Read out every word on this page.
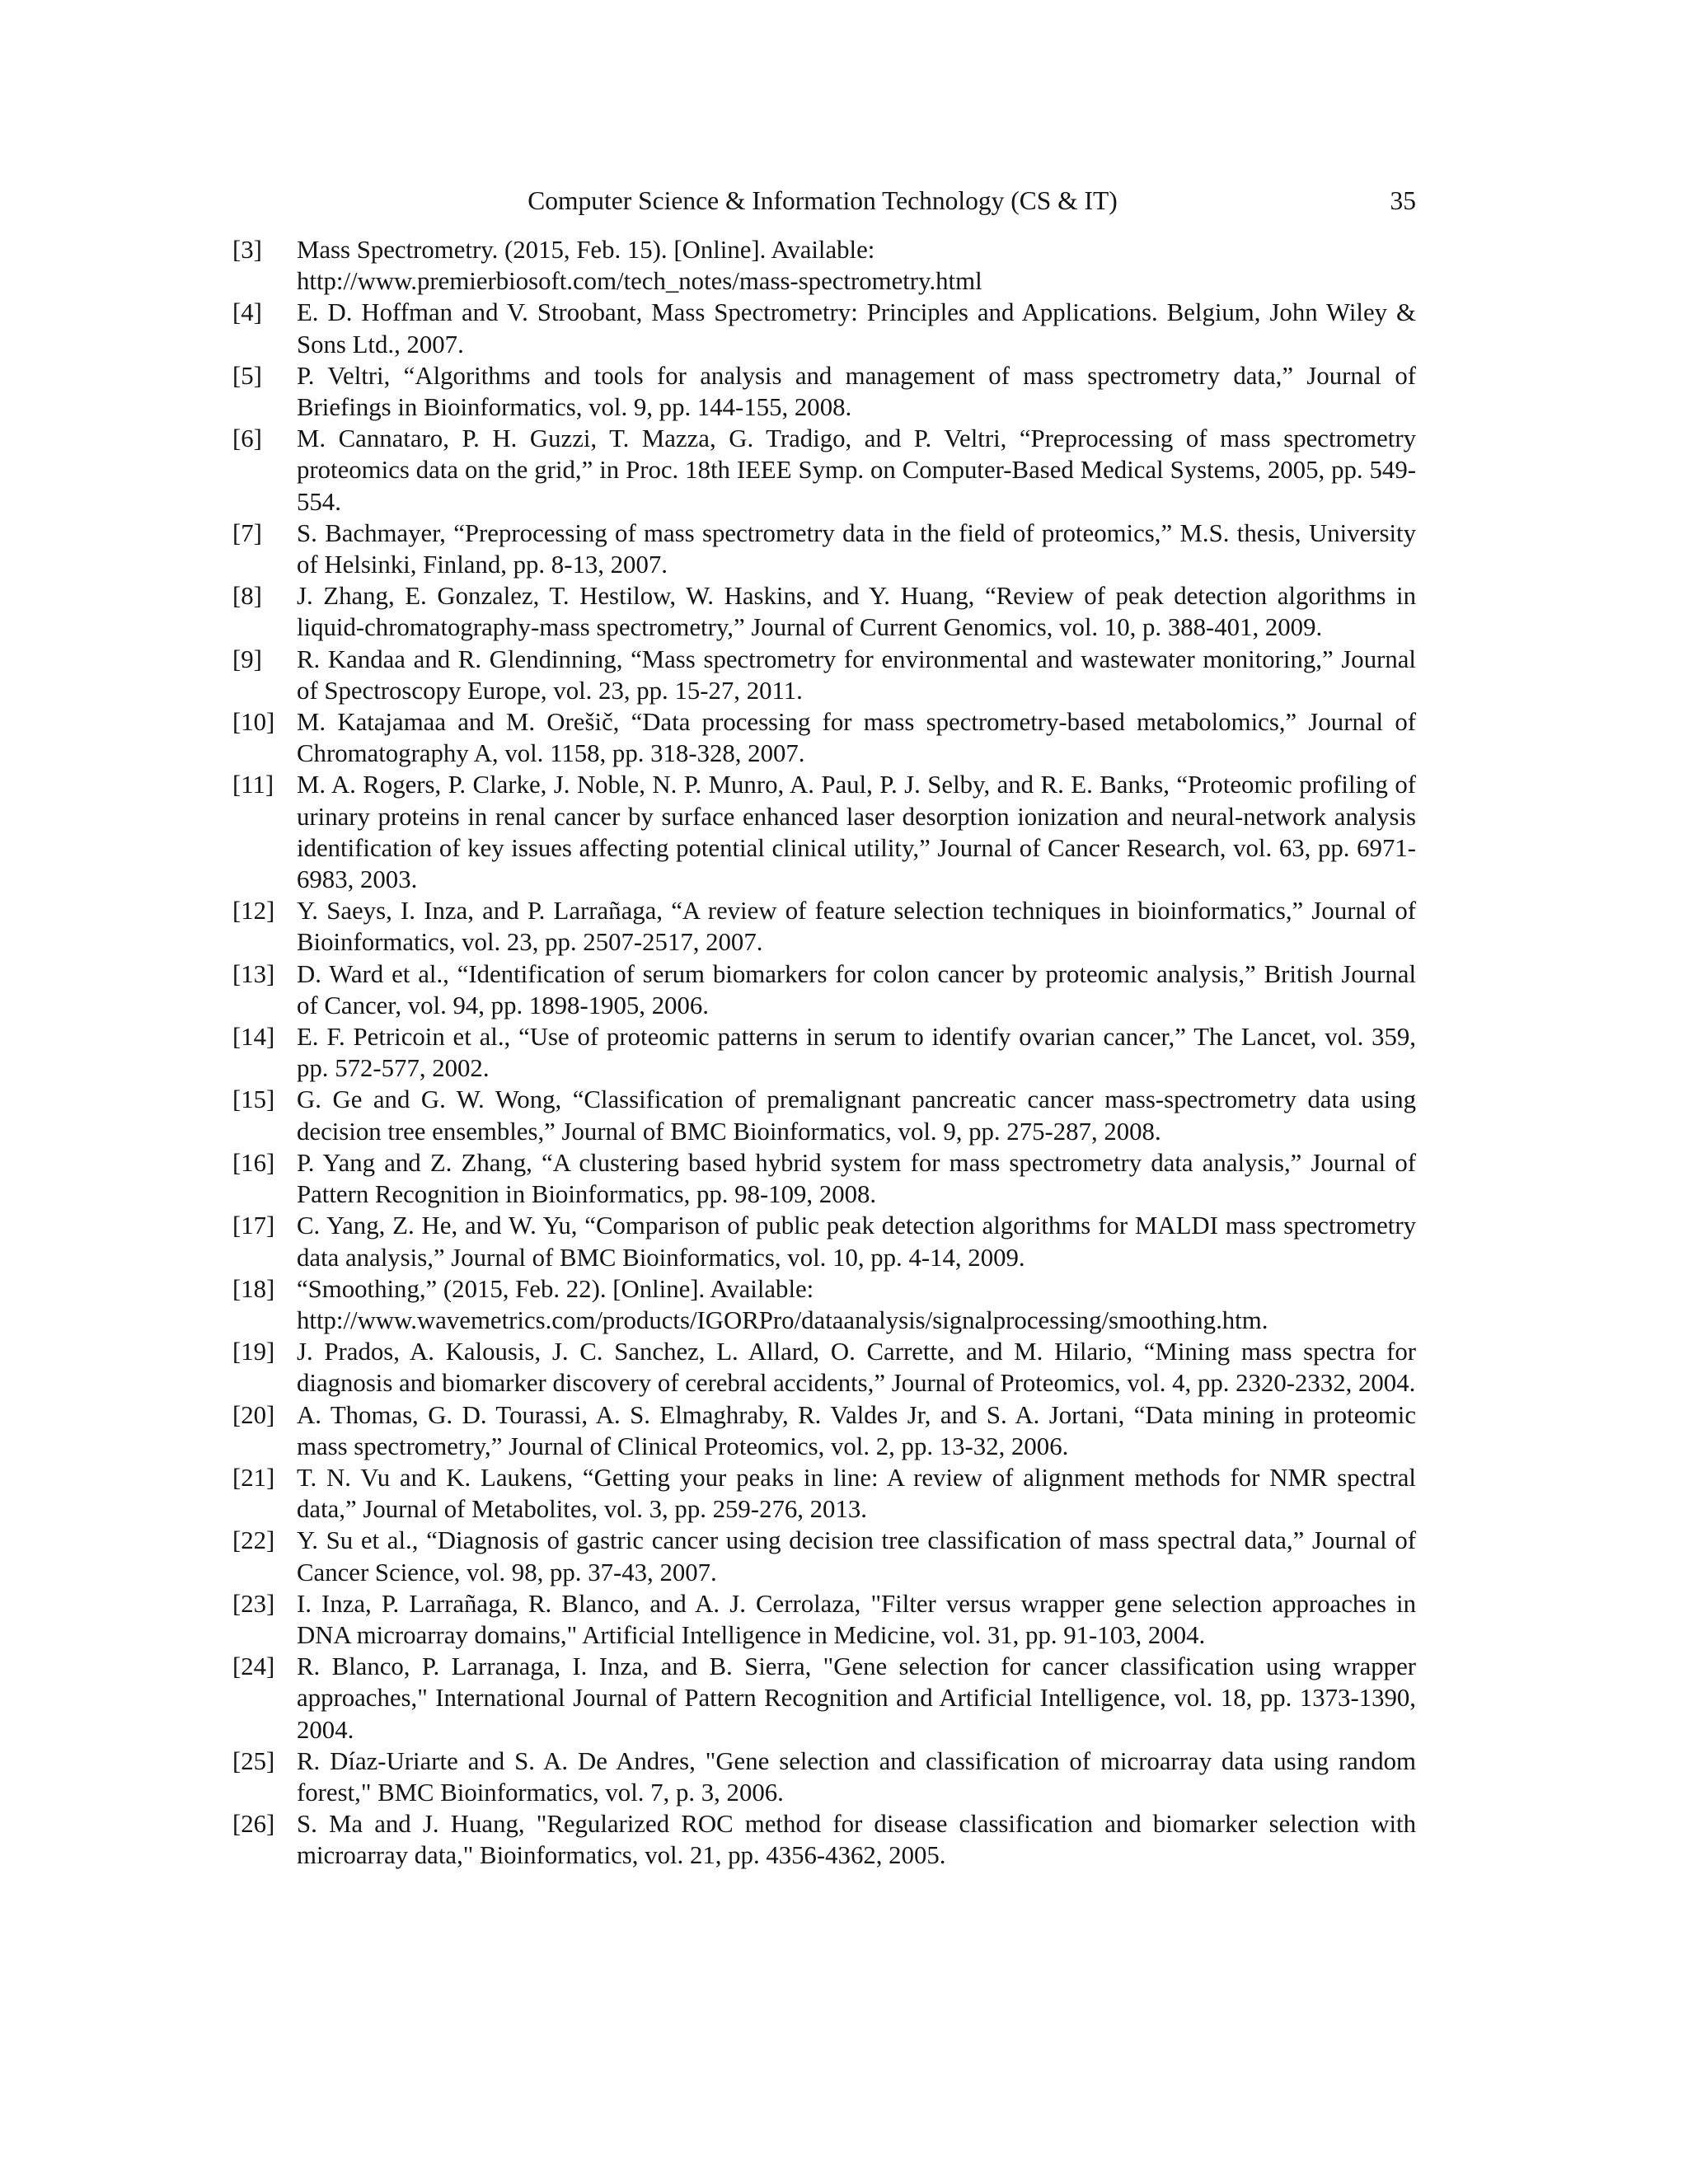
Computer Science & Information Technology (CS & IT)	35
[3]	Mass Spectrometry. (2015, Feb. 15). [Online]. Available:
http://www.premierbiosoft.com/tech_notes/mass-spectrometry.html
[4]	E. D. Hoffman and V. Stroobant, Mass Spectrometry: Principles and Applications. Belgium, John Wiley & Sons Ltd., 2007.
[5]	P. Veltri, “Algorithms and tools for analysis and management of mass spectrometry data,” Journal of Briefings in Bioinformatics, vol. 9, pp. 144-155, 2008.
[6]	M. Cannataro, P. H. Guzzi, T. Mazza, G. Tradigo, and P. Veltri, “Preprocessing of mass spectrometry proteomics data on the grid,” in Proc. 18th IEEE Symp. on Computer-Based Medical Systems, 2005, pp. 549-554.
[7]	S. Bachmayer, “Preprocessing of mass spectrometry data in the field of proteomics,” M.S. thesis, University of Helsinki, Finland, pp. 8-13, 2007.
[8]	J. Zhang, E. Gonzalez, T. Hestilow, W. Haskins, and Y. Huang, “Review of peak detection algorithms in liquid-chromatography-mass spectrometry,” Journal of Current Genomics, vol. 10, p. 388-401, 2009.
[9]	R. Kandaa and R. Glendinning, “Mass spectrometry for environmental and wastewater monitoring,” Journal of Spectroscopy Europe, vol. 23, pp. 15-27, 2011.
[10] M. Katajamaa and M. Orešič, “Data processing for mass spectrometry-based metabolomics,” Journal of Chromatography A, vol. 1158, pp. 318-328, 2007.
[11] M. A. Rogers, P. Clarke, J. Noble, N. P. Munro, A. Paul, P. J. Selby, and R. E. Banks, “Proteomic profiling of urinary proteins in renal cancer by surface enhanced laser desorption ionization and neural-network analysis identification of key issues affecting potential clinical utility,” Journal of Cancer Research, vol. 63, pp. 6971-6983, 2003.
[12] Y. Saeys, I. Inza, and P. Larrañaga, “A review of feature selection techniques in bioinformatics,” Journal of Bioinformatics, vol. 23, pp. 2507-2517, 2007.
[13] D. Ward et al., “Identification of serum biomarkers for colon cancer by proteomic analysis,” British Journal of Cancer, vol. 94, pp. 1898-1905, 2006.
[14] E. F. Petricoin et al., “Use of proteomic patterns in serum to identify ovarian cancer,” The Lancet, vol. 359, pp. 572-577, 2002.
[15] G. Ge and G. W. Wong, “Classification of premalignant pancreatic cancer mass-spectrometry data using decision tree ensembles,” Journal of BMC Bioinformatics, vol. 9, pp. 275-287, 2008.
[16] P. Yang and Z. Zhang, “A clustering based hybrid system for mass spectrometry data analysis,” Journal of Pattern Recognition in Bioinformatics, pp. 98-109, 2008.
[17] C. Yang, Z. He, and W. Yu, “Comparison of public peak detection algorithms for MALDI mass spectrometry data analysis,” Journal of BMC Bioinformatics, vol. 10, pp. 4-14, 2009.
[18] “Smoothing,” (2015, Feb. 22). [Online]. Available:
http://www.wavemetrics.com/products/IGORPro/dataanalysis/signalprocessing/smoothing.htm.
[19] J. Prados, A. Kalousis, J. C. Sanchez, L. Allard, O. Carrette, and M. Hilario, “Mining mass spectra for diagnosis and biomarker discovery of cerebral accidents,” Journal of Proteomics, vol. 4, pp. 2320-2332, 2004.
[20] A. Thomas, G. D. Tourassi, A. S. Elmaghraby, R. Valdes Jr, and S. A. Jortani, “Data mining in proteomic mass spectrometry,” Journal of Clinical Proteomics, vol. 2, pp. 13-32, 2006.
[21] T. N. Vu and K. Laukens, “Getting your peaks in line: A review of alignment methods for NMR spectral data,” Journal of Metabolites, vol. 3, pp. 259-276, 2013.
[22] Y. Su et al., “Diagnosis of gastric cancer using decision tree classification of mass spectral data,” Journal of Cancer Science, vol. 98, pp. 37-43, 2007.
[23] I. Inza, P. Larrañaga, R. Blanco, and A. J. Cerrolaza, "Filter versus wrapper gene selection approaches in DNA microarray domains," Artificial Intelligence in Medicine, vol. 31, pp. 91-103, 2004.
[24] R. Blanco, P. Larranaga, I. Inza, and B. Sierra, "Gene selection for cancer classification using wrapper approaches," International Journal of Pattern Recognition and Artificial Intelligence, vol. 18, pp. 1373-1390, 2004.
[25] R. Díaz-Uriarte and S. A. De Andres, "Gene selection and classification of microarray data using random forest," BMC Bioinformatics, vol. 7, p. 3, 2006.
[26] S. Ma and J. Huang, "Regularized ROC method for disease classification and biomarker selection with microarray data," Bioinformatics, vol. 21, pp. 4356-4362, 2005.
